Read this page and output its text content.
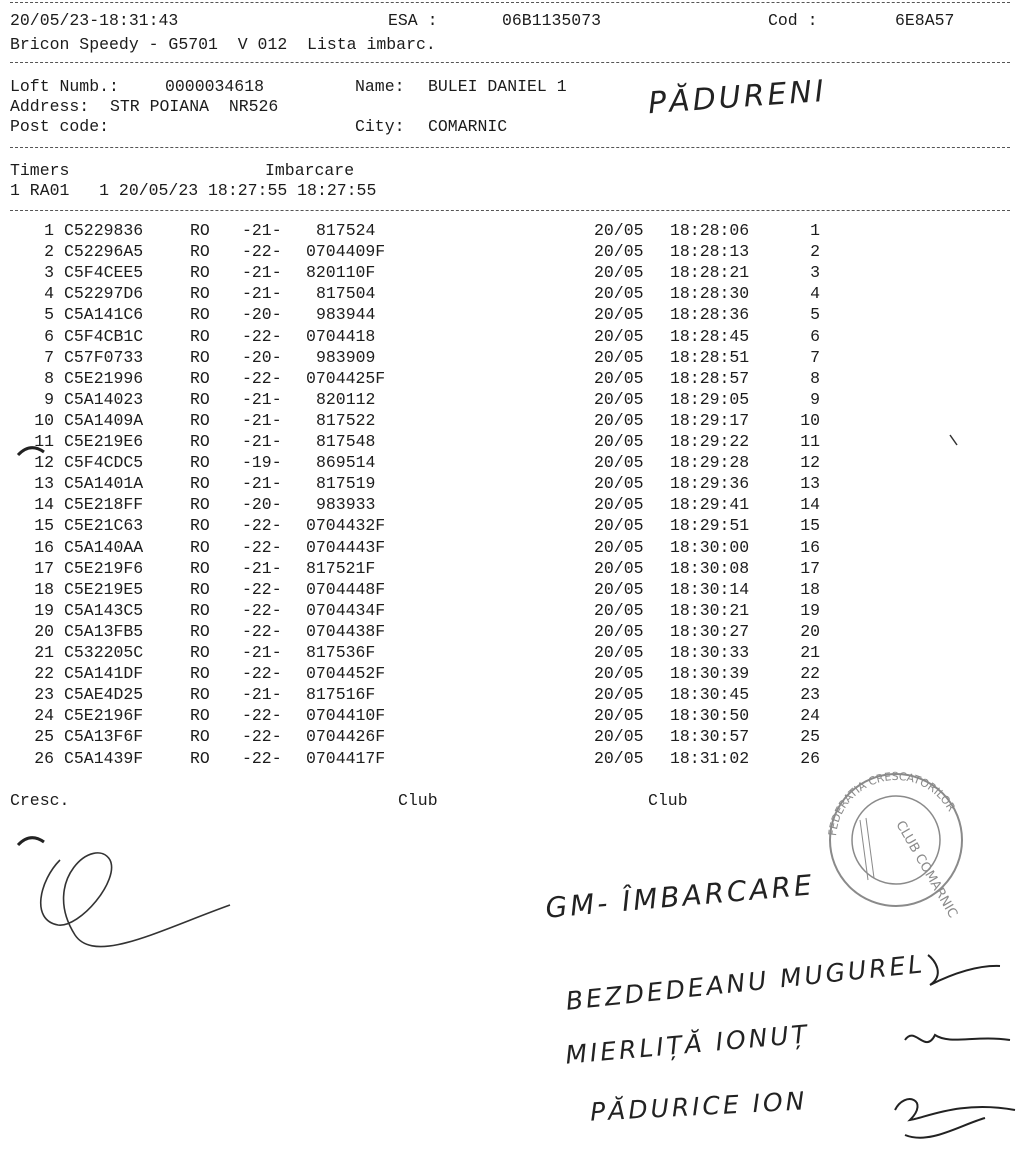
20/05/23-18:31:43	ESA :	06B1135073	Cod :	6E8A57
Bricon Speedy - G5701  V 012  Lista imbarc.
Loft Numb.:	0000034618	Name: BULEI DANIEL 1
Address: STR POIANA  NR526
Post code:	City: COMARNIC
PĂDURENI
Timers	Imbarcare
1 RA01   1 20/05/23 18:27:55 18:27:55
1 C5229836	RO -21- 817524	20/05 18:28:06	1
2 C52296A5	RO -22- 0704409F	20/05 18:28:13	2
3 C5F4CEE5	RO -21- 820110F	20/05 18:28:21	3
4 C52297D6	RO -21- 817504	20/05 18:28:30	4
5 C5A141C6	RO -20- 983944	20/05 18:28:36	5
6 C5F4CB1C	RO -22- 0704418	20/05 18:28:45	6
7 C57F0733	RO -20- 983909	20/05 18:28:51	7
8 C5E21996	RO -22- 0704425F	20/05 18:28:57	8
9 C5A14023	RO -21- 820112	20/05 18:29:05	9
10 C5A1409A	RO -21- 817522	20/05 18:29:17	10
11 C5E219E6	RO -21- 817548	20/05 18:29:22	11
12 C5F4CDC5	RO -19- 869514	20/05 18:29:28	12
13 C5A1401A	RO -21- 817519	20/05 18:29:36	13
14 C5E218FF	RO -20- 983933	20/05 18:29:41	14
15 C5E21C63	RO -22- 0704432F	20/05 18:29:51	15
16 C5A140AA	RO -22- 0704443F	20/05 18:30:00	16
17 C5E219F6	RO -21- 817521F	20/05 18:30:08	17
18 C5E219E5	RO -22- 0704448F	20/05 18:30:14	18
19 C5A143C5	RO -22- 0704434F	20/05 18:30:21	19
20 C5A13FB5	RO -22- 0704438F	20/05 18:30:27	20
21 C532205C	RO -21- 817536F	20/05 18:30:33	21
22 C5A141DF	RO -22- 0704452F	20/05 18:30:39	22
23 C5AE4D25	RO -21- 817516F	20/05 18:30:45	23
24 C5E2196F	RO -22- 0704410F	20/05 18:30:50	24
25 C5A13F6F	RO -22- 0704426F	20/05 18:30:57	25
26 C5A1439F	RO -22- 0704417F	20/05 18:31:02	26
Cresc.	Club	Club
FEDERATIA CRESCATORILOR
CLUB COMARNIC
GM- ÎMBARCARE
BEZDEDEANU MUGUREL
MIERLIȚĂ IONUȚ
PĂDURICE ION
